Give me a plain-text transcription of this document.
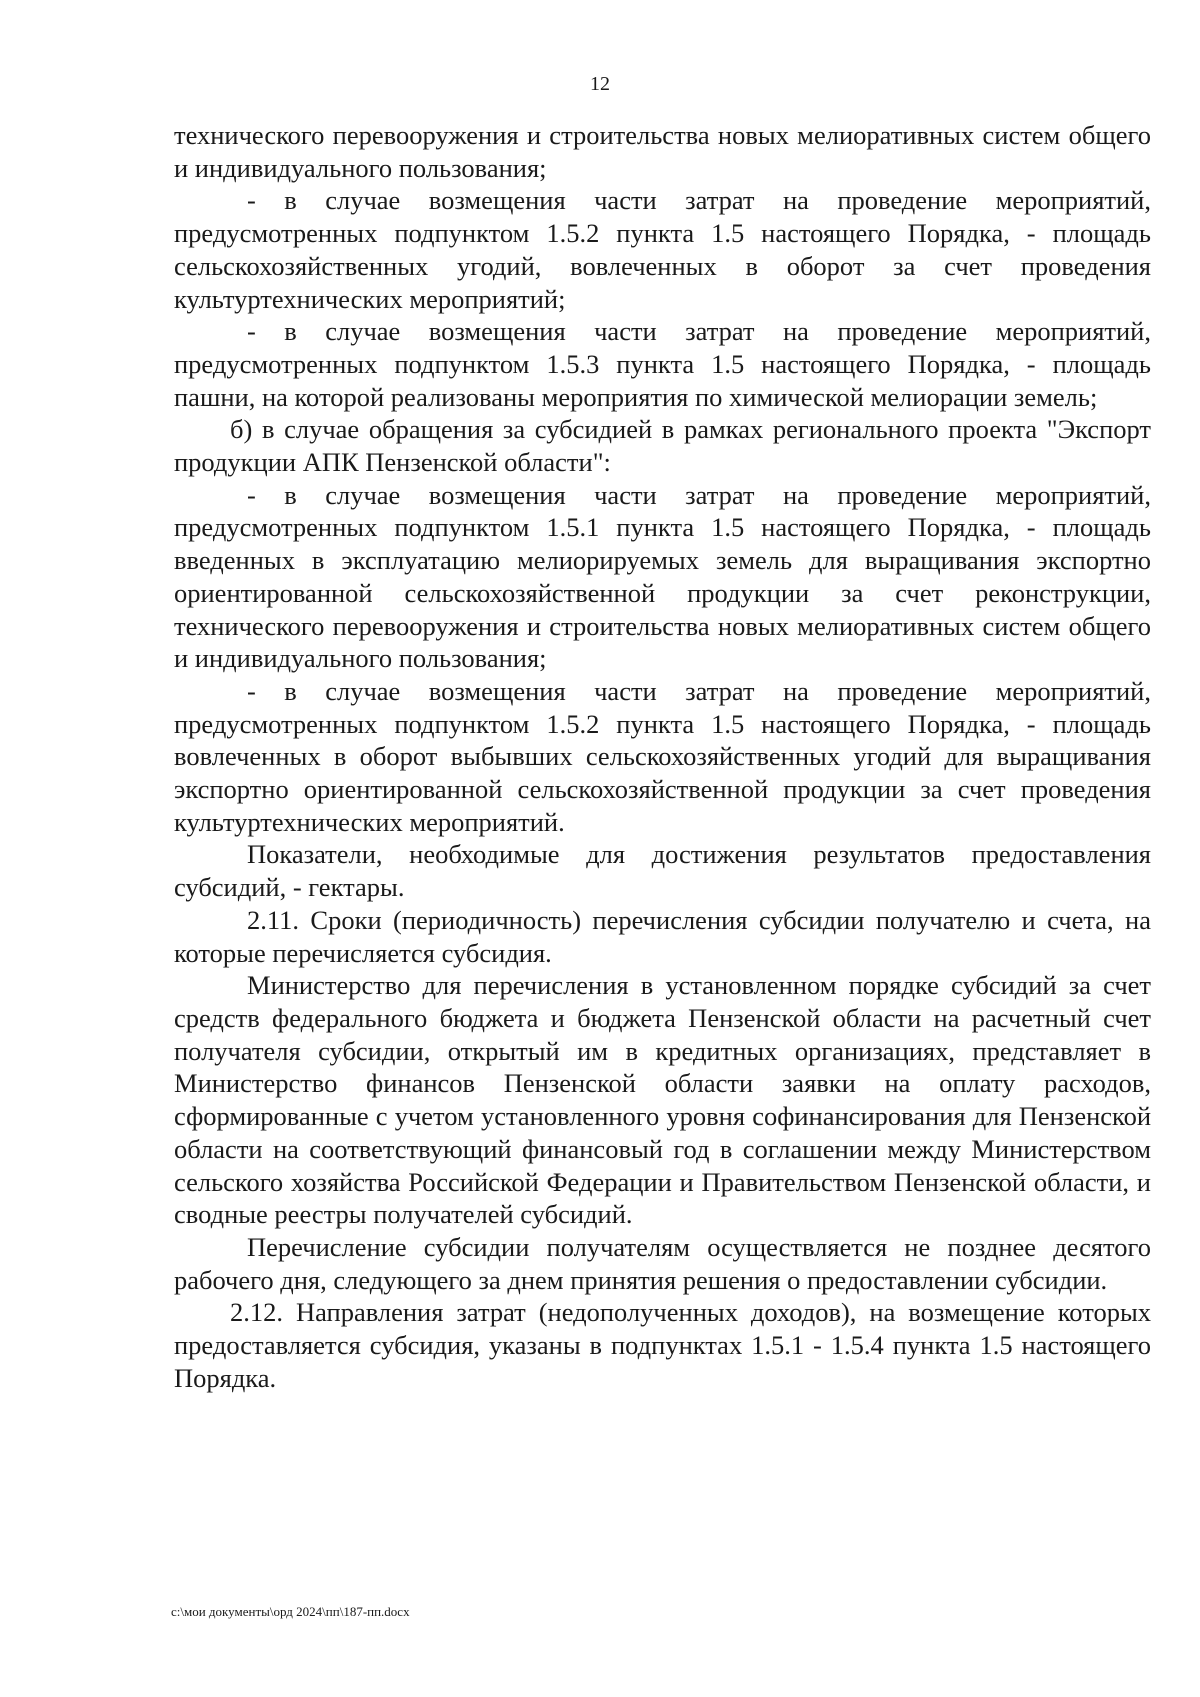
12

технического перевооружения и строительства новых мелиоративных систем общего и индивидуального пользования;

- в случае возмещения части затрат на проведение мероприятий, предусмотренных подпунктом 1.5.2 пункта 1.5 настоящего Порядка, - площадь сельскохозяйственных угодий, вовлеченных в оборот за счет проведения культуртехнических мероприятий;

- в случае возмещения части затрат на проведение мероприятий, предусмотренных подпунктом 1.5.3 пункта 1.5 настоящего Порядка, - площадь пашни, на которой реализованы мероприятия по химической мелиорации земель;

б) в случае обращения за субсидией в рамках регионального проекта "Экспорт продукции АПК Пензенской области":

- в случае возмещения части затрат на проведение мероприятий, предусмотренных подпунктом 1.5.1 пункта 1.5 настоящего Порядка, - площадь введенных в эксплуатацию мелиорируемых земель для выращивания экспортно ориентированной сельскохозяйственной продукции за счет реконструкции, технического перевооружения и строительства новых мелиоративных систем общего и индивидуального пользования;

- в случае возмещения части затрат на проведение мероприятий, предусмотренных подпунктом 1.5.2 пункта 1.5 настоящего Порядка, - площадь вовлеченных в оборот выбывших сельскохозяйственных угодий для выращивания экспортно ориентированной сельскохозяйственной продукции за счет проведения культуртехнических мероприятий.

Показатели, необходимые для достижения результатов предоставления субсидий, - гектары.

2.11. Сроки (периодичность) перечисления субсидии получателю и счета, на которые перечисляется субсидия.

Министерство для перечисления в установленном порядке субсидий за счет средств федерального бюджета и бюджета Пензенской области на расчетный счет получателя субсидии, открытый им в кредитных организациях, представляет в Министерство финансов Пензенской области заявки на оплату расходов, сформированные с учетом установленного уровня софинансирования для Пензенской области на соответствующий финансовый год в соглашении между Министерством сельского хозяйства Российской Федерации и Правительством Пензенской области, и сводные реестры получателей субсидий.

Перечисление субсидии получателям осуществляется не позднее десятого рабочего дня, следующего за днем принятия решения о предоставлении субсидии.

2.12. Направления затрат (недополученных доходов), на возмещение которых предоставляется субсидия, указаны в подпунктах 1.5.1 - 1.5.4 пункта 1.5 настоящего Порядка.

c:\мои документы\орд 2024\пп\187-пп.docx
